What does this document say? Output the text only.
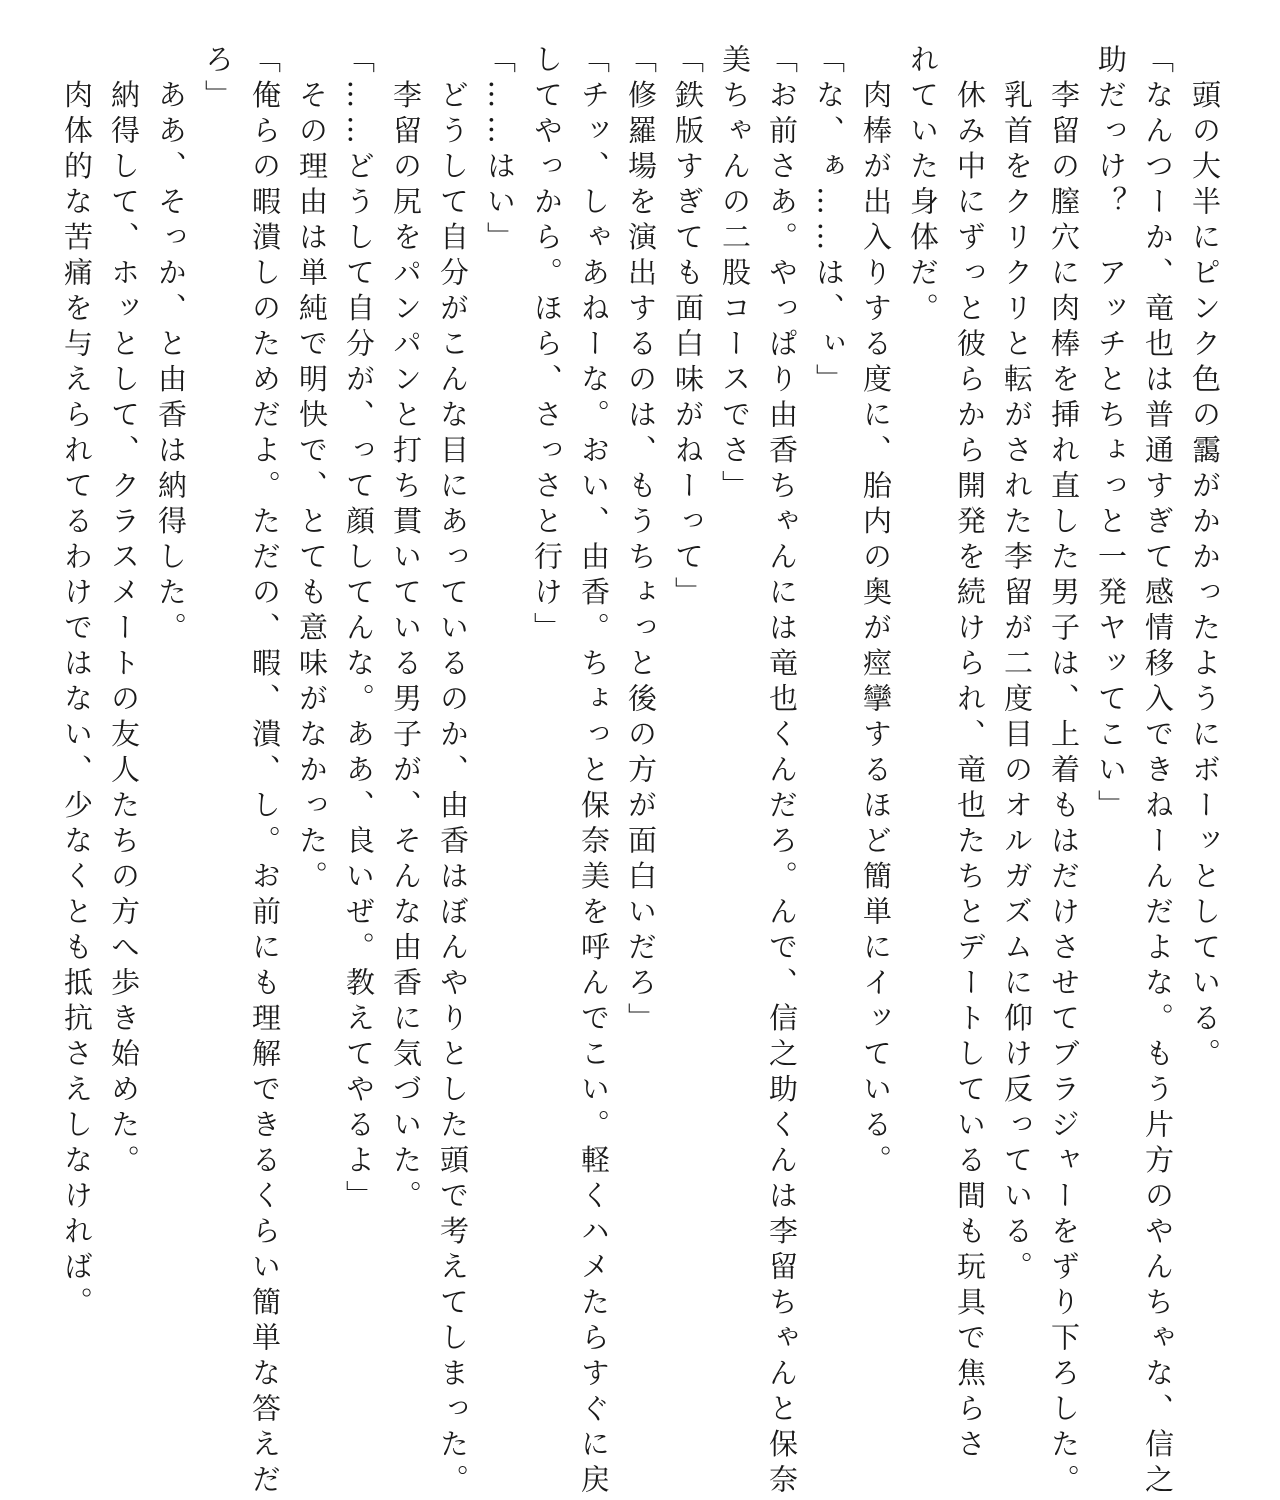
　頭の大半にピンク色の靄がかかったようにボーッとしている。
「なんつーか、竜也は普通すぎて感情移入できねーんだよな。もう片方のやんちゃな、信之
助だっけ？　アッチとちょっと一発ヤッてこい」
　李留の膣穴に肉棒を挿れ直した男子は、上着もはだけさせてブラジャーをずり下ろした。
　乳首をクリクリと転がされた李留が二度目のオルガズムに仰け反っている。
　休み中にずっと彼らから開発を続けられ、竜也たちとデートしている間も玩具で焦らさ
れていた身体だ。
　肉棒が出入りする度に、胎内の奥が痙攣するほど簡単にイッている。
「な、ぁ……は、ぃ」
「お前さあ。やっぱり由香ちゃんには竜也くんだろ。んで、信之助くんは李留ちゃんと保奈
美ちゃんの二股コースでさ」
「鉄版すぎても面白味がねーって」
「修羅場を演出するのは、もうちょっと後の方が面白いだろ」
「チッ、しゃあねーな。おい、由香。ちょっと保奈美を呼んでこい。軽くハメたらすぐに戻
してやっから。ほら、さっさと行け」
「……はい」
　どうして自分がこんな目にあっているのか、由香はぼんやりとした頭で考えてしまった。
　李留の尻をパンパンと打ち貫いている男子が、そんな由香に気づいた。
「……どうして自分が、って顔してんな。ああ、良いぜ。教えてやるよ」
　その理由は単純で明快で、とても意味がなかった。
「俺らの暇潰しのためだよ。ただの、暇、潰、し。お前にも理解できるくらい簡単な答えだ
ろ」
　ああ、そっか、と由香は納得した。
　納得して、ホッとして、クラスメートの友人たちの方へ歩き始めた。
　肉体的な苦痛を与えられてるわけではない、少なくとも抵抗さえしなければ。
